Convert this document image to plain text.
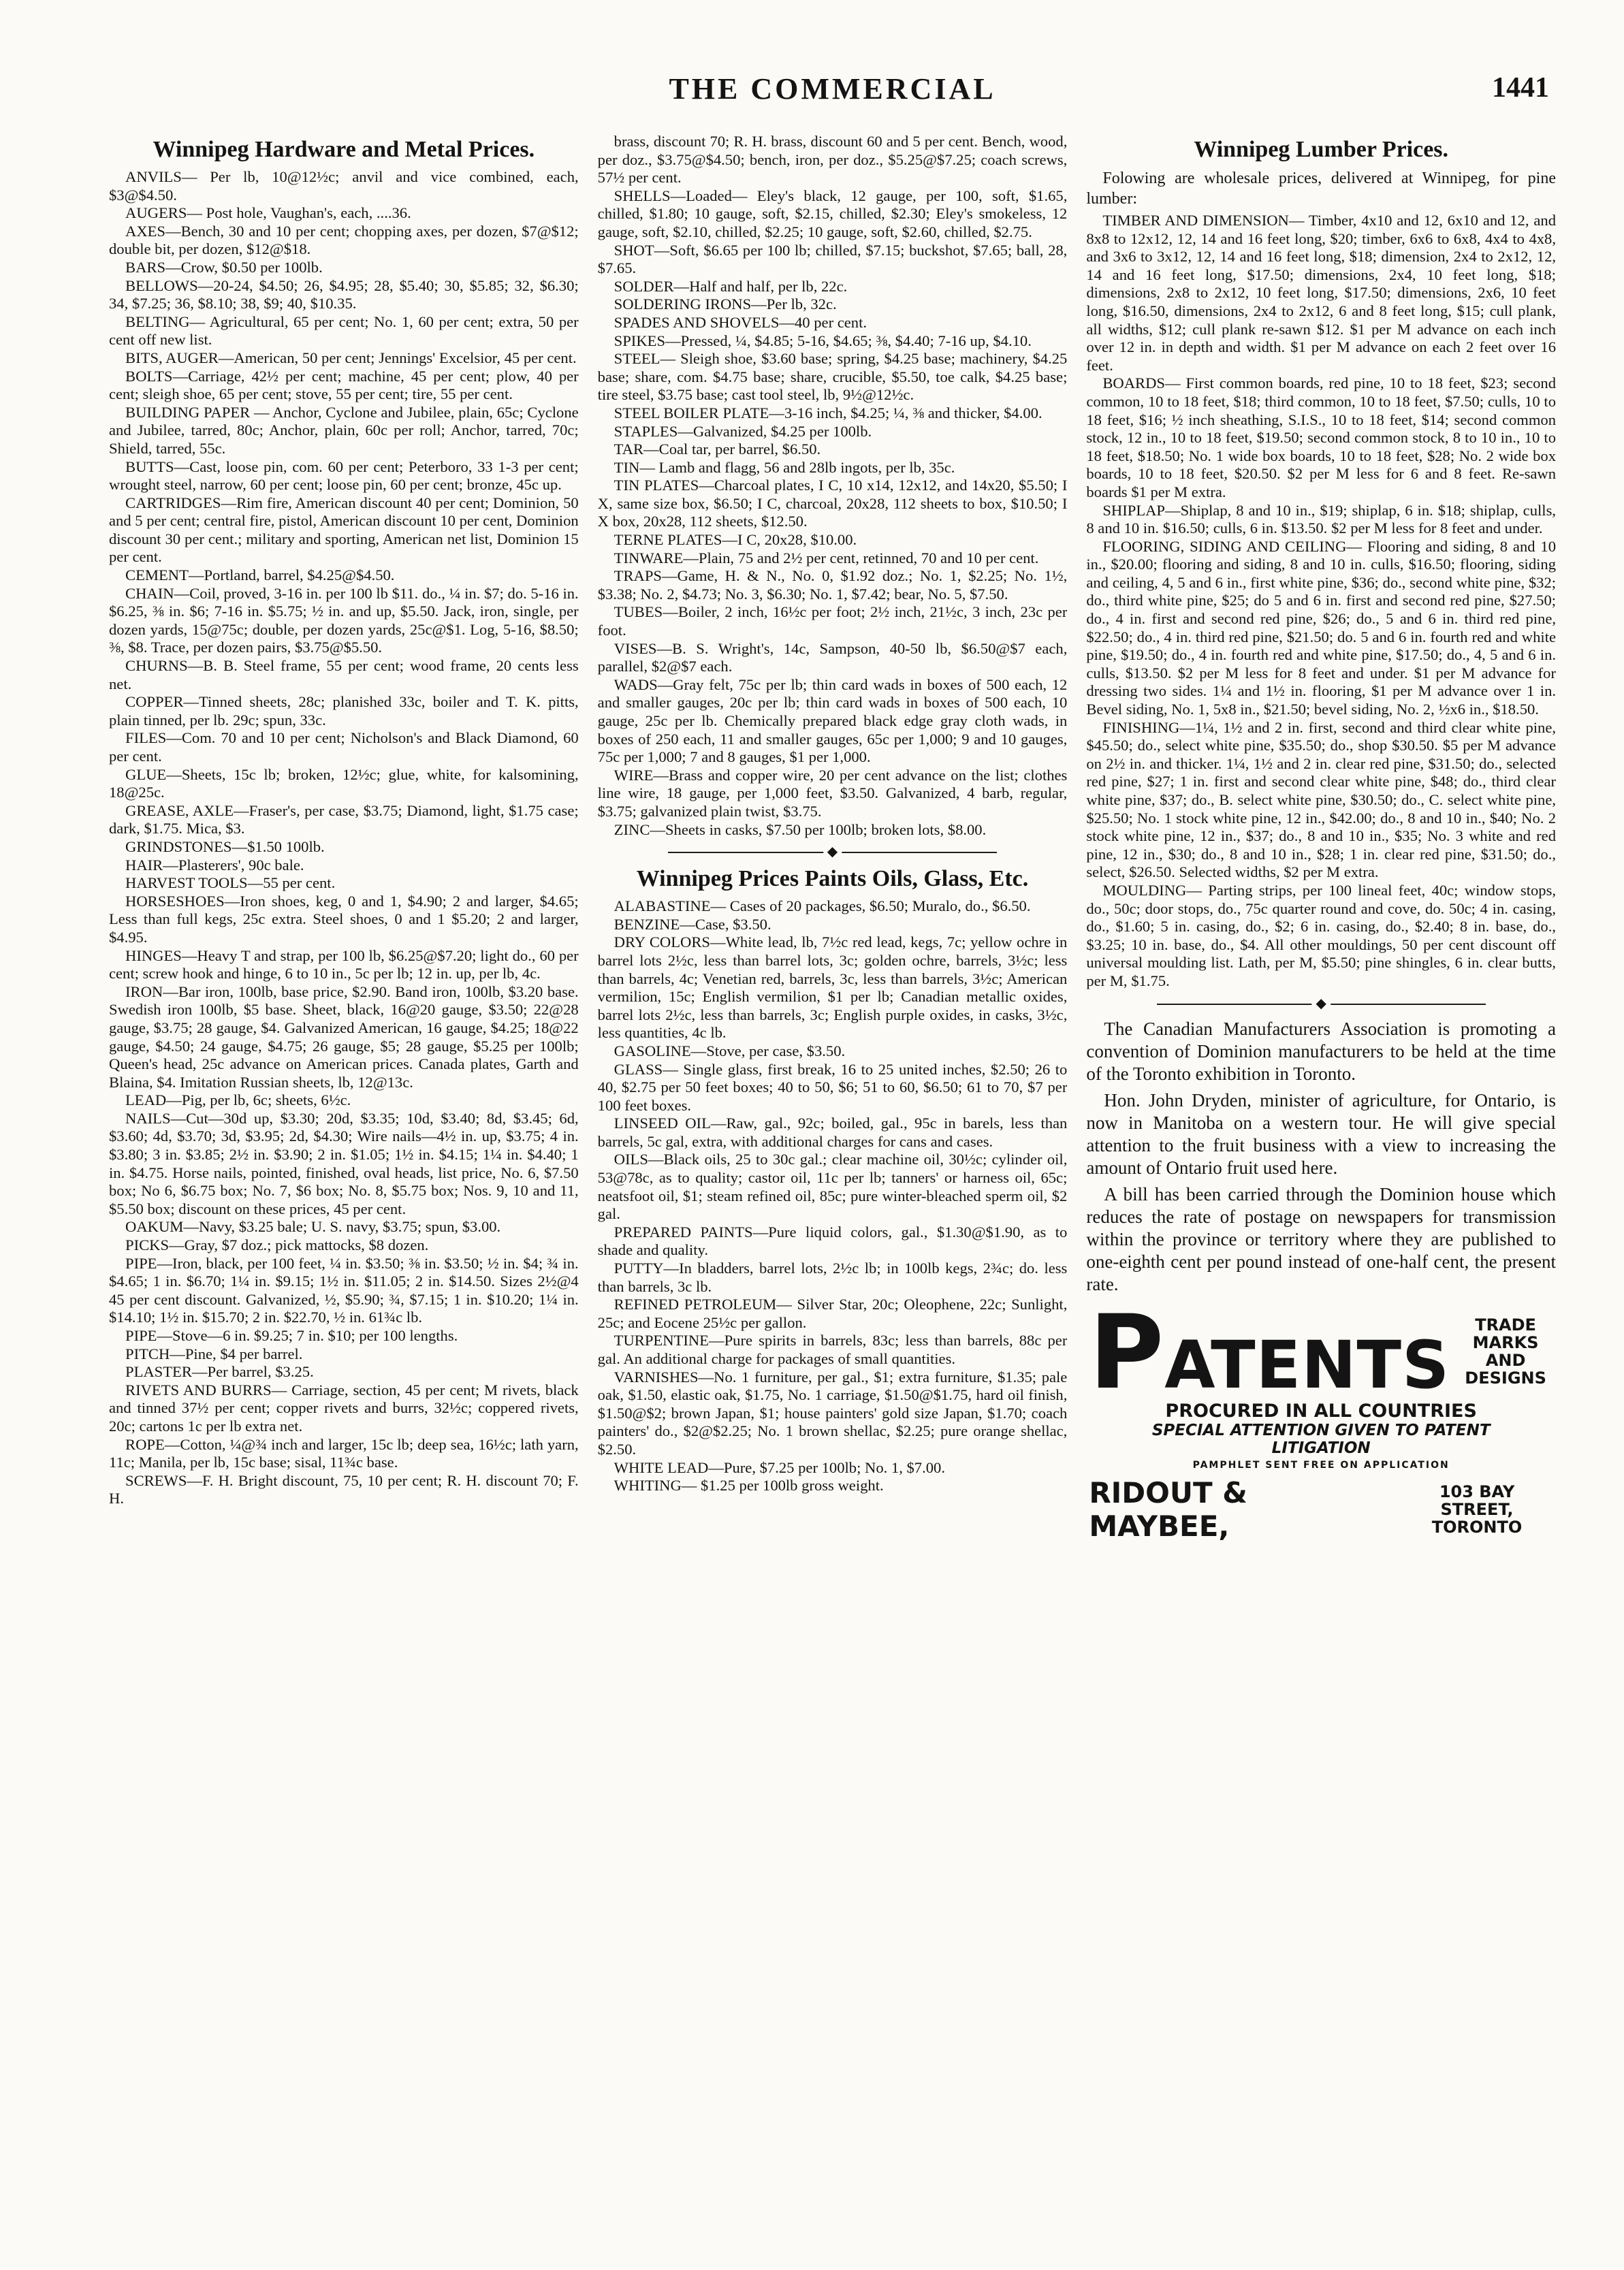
THE COMMERCIAL	1441
Winnipeg Hardware and Metal Prices.

ANVILS— Per lb, 10@12½c; anvil and vice combined, each, $3@$4.50.

AUGERS— Post hole, Vaughan's, each, ....36.

AXES—Bench, 30 and 10 per cent; chopping axes, per dozen, $7@$12; double bit, per dozen, $12@$18.

BARS—Crow, $0.50 per 100lb.

BELLOWS—20-24, $4.50; 26, $4.95; 28, $5.40; 30, $5.85; 32, $6.30; 34, $7.25; 36, $8.10; 38, $9; 40, $10.35.

BELTING— Agricultural, 65 per cent; No. 1, 60 per cent; extra, 50 per cent off new list.

BITS, AUGER—American, 50 per cent; Jennings' Excelsior, 45 per cent.

BOLTS—Carriage, 42½ per cent; machine, 45 per cent; plow, 40 per cent; sleigh shoe, 65 per cent; stove, 55 per cent; tire, 55 per cent.

BUILDING PAPER — Anchor, Cyclone and Jubilee, plain, 65c; Cyclone and Jubilee, tarred, 80c; Anchor, plain, 60c per roll; Anchor, tarred, 70c; Shield, tarred, 55c.

BUTTS—Cast, loose pin, com. 60 per cent; Peterboro, 33 1-3 per cent; wrought steel, narrow, 60 per cent; loose pin, 60 per cent; bronze, 45c up.

CARTRIDGES—Rim fire, American discount 40 per cent; Dominion, 50 and 5 per cent; central fire, pistol, American discount 10 per cent, Dominion discount 30 per cent.; military and sporting, American net list, Dominion 15 per cent.

CEMENT—Portland, barrel, $4.25@$4.50.

CHAIN—Coil, proved, 3-16 in. per 100 lb $11. do., ¼ in. $7; do. 5-16 in. $6.25, ⅜ in. $6; 7-16 in. $5.75; ½ in. and up, $5.50. Jack, iron, single, per dozen yards, 15@75c; double, per dozen yards, 25c@$1. Log, 5-16, $8.50; ⅜, $8. Trace, per dozen pairs, $3.75@$5.50.

CHURNS—B. B. Steel frame, 55 per cent; wood frame, 20 cents less net.

COPPER—Tinned sheets, 28c; planished 33c, boiler and T. K. pitts, plain tinned, per lb. 29c; spun, 33c.

FILES—Com. 70 and 10 per cent; Nicholson's and Black Diamond, 60 per cent.

GLUE—Sheets, 15c lb; broken, 12½c; glue, white, for kalsomining, 18@25c.

GREASE, AXLE—Fraser's, per case, $3.75; Diamond, light, $1.75 case; dark, $1.75. Mica, $3.

GRINDSTONES—$1.50 100lb.

HAIR—Plasterers', 90c bale.

HARVEST TOOLS—55 per cent.

HORSESHOES—Iron shoes, keg, 0 and 1, $4.90; 2 and larger, $4.65; Less than full kegs, 25c extra. Steel shoes, 0 and 1 $5.20; 2 and larger, $4.95.

HINGES—Heavy T and strap, per 100 lb, $6.25@$7.20; light do., 60 per cent; screw hook and hinge, 6 to 10 in., 5c per lb; 12 in. up, per lb, 4c.

IRON—Bar iron, 100lb, base price, $2.90. Band iron, 100lb, $3.20 base. Swedish iron 100lb, $5 base. Sheet, black, 16@20 gauge, $3.50; 22@28 gauge, $3.75; 28 gauge, $4. Galvanized American, 16 gauge, $4.25; 18@22 gauge, $4.50; 24 gauge, $4.75; 26 gauge, $5; 28 gauge, $5.25 per 100lb; Queen's head, 25c advance on American prices. Canada plates, Garth and Blaina, $4. Imitation Russian sheets, lb, 12@13c.

LEAD—Pig, per lb, 6c; sheets, 6½c.

NAILS—Cut—30d up, $3.30; 20d, $3.35; 10d, $3.40; 8d, $3.45; 6d, $3.60; 4d, $3.70; 3d, $3.95; 2d, $4.30; Wire nails—4½ in. up, $3.75; 4 in. $3.80; 3 in. $3.85; 2½ in. $3.90; 2 in. $1.05; 1½ in. $4.15; 1¼ in. $4.40; 1 in. $4.75. Horse nails, pointed, finished, oval heads, list price, No. 6, $7.50 box; No 6, $6.75 box; No. 7, $6 box; No. 8, $5.75 box; Nos. 9, 10 and 11, $5.50 box; discount on these prices, 45 per cent.

OAKUM—Navy, $3.25 bale; U. S. navy, $3.75; spun, $3.00.

PICKS—Gray, $7 doz.; pick mattocks, $8 dozen.

PIPE—Iron, black, per 100 feet, ¼ in. $3.50; ⅜ in. $3.50; ½ in. $4; ¾ in. $4.65; 1 in. $6.70; 1¼ in. $9.15; 1½ in. $11.05; 2 in. $14.50. Sizes 2½@4 45 per cent discount. Galvanized, ½, $5.90; ¾, $7.15; 1 in. $10.20; 1¼ in. $14.10; 1½ in. $15.70; 2 in. $22.70, ½ in. 61¾c lb.

PIPE—Stove—6 in. $9.25; 7 in. $10; per 100 lengths.

PITCH—Pine, $4 per barrel.

PLASTER—Per barrel, $3.25.

RIVETS AND BURRS— Carriage, section, 45 per cent; M rivets, black and tinned 37½ per cent; copper rivets and burrs, 32½c; coppered rivets, 20c; cartons 1c per lb extra net.

ROPE—Cotton, ¼@¾ inch and larger, 15c lb; deep sea, 16½c; lath yarn, 11c; Manila, per lb, 15c base; sisal, 11¾c base.

SCREWS—F. H. Bright discount, 75, 10 per cent; R. H. discount 70; F. H.

brass, discount 70; R. H. brass, discount 60 and 5 per cent. Bench, wood, per doz., $3.75@$4.50; bench, iron, per doz., $5.25@$7.25; coach screws, 57½ per cent.

SHELLS—Loaded— Eley's black, 12 gauge, per 100, soft, $1.65, chilled, $1.80; 10 gauge, soft, $2.15, chilled, $2.30; Eley's smokeless, 12 gauge, soft, $2.10, chilled, $2.25; 10 gauge, soft, $2.60, chilled, $2.75.

SHOT—Soft, $6.65 per 100 lb; chilled, $7.15; buckshot, $7.65; ball, 28, $7.65.

SOLDER—Half and half, per lb, 22c.

SOLDERING IRONS—Per lb, 32c.

SPADES AND SHOVELS—40 per cent.

SPIKES—Pressed, ¼, $4.85; 5-16, $4.65; ⅜, $4.40; 7-16 up, $4.10.

STEEL— Sleigh shoe, $3.60 base; spring, $4.25 base; machinery, $4.25 base; share, com. $4.75 base; share, crucible, $5.50, toe calk, $4.25 base; tire steel, $3.75 base; cast tool steel, lb, 9½@12½c.

STEEL BOILER PLATE—3-16 inch, $4.25; ¼, ⅜ and thicker, $4.00.

STAPLES—Galvanized, $4.25 per 100lb.

TAR—Coal tar, per barrel, $6.50.

TIN— Lamb and flagg, 56 and 28lb ingots, per lb, 35c.

TIN PLATES—Charcoal plates, I C, 10 x14, 12x12, and 14x20, $5.50; I X, same size box, $6.50; I C, charcoal, 20x28, 112 sheets to box, $10.50; I X box, 20x28, 112 sheets, $12.50.

TERNE PLATES—I C, 20x28, $10.00.

TINWARE—Plain, 75 and 2½ per cent, retinned, 70 and 10 per cent.

TRAPS—Game, H. & N., No. 0, $1.92 doz.; No. 1, $2.25; No. 1½, $3.38; No. 2, $4.73; No. 3, $6.30; No. 1, $7.42; bear, No. 5, $7.50.

TUBES—Boiler, 2 inch, 16½c per foot; 2½ inch, 21½c, 3 inch, 23c per foot.

VISES—B. S. Wright's, 14c, Sampson, 40-50 lb, $6.50@$7 each, parallel, $2@$7 each.

WADS—Gray felt, 75c per lb; thin card wads in boxes of 500 each, 12 and smaller gauges, 20c per lb; thin card wads in boxes of 500 each, 10 gauge, 25c per lb. Chemically prepared black edge gray cloth wads, in boxes of 250 each, 11 and smaller gauges, 65c per 1,000; 9 and 10 gauges, 75c per 1,000; 7 and 8 gauges, $1 per 1,000.

WIRE—Brass and copper wire, 20 per cent advance on the list; clothes line wire, 18 gauge, per 1,000 feet, $3.50. Galvanized, 4 barb, regular, $3.75; galvanized plain twist, $3.75.

ZINC—Sheets in casks, $7.50 per 100lb; broken lots, $8.00.

◆
Winnipeg Prices Paints Oils, Glass, Etc.

ALABASTINE— Cases of 20 packages, $6.50; Muralo, do., $6.50.

BENZINE—Case, $3.50.

DRY COLORS—White lead, lb, 7½c red lead, kegs, 7c; yellow ochre in barrel lots 2½c, less than barrel lots, 3c; golden ochre, barrels, 3½c; less than barrels, 4c; Venetian red, barrels, 3c, less than barrels, 3½c; American vermilion, 15c; English vermilion, $1 per lb; Canadian metallic oxides, barrel lots 2½c, less than barrels, 3c; English purple oxides, in casks, 3½c, less quantities, 4c lb.

GASOLINE—Stove, per case, $3.50.

GLASS— Single glass, first break, 16 to 25 united inches, $2.50; 26 to 40, $2.75 per 50 feet boxes; 40 to 50, $6; 51 to 60, $6.50; 61 to 70, $7 per 100 feet boxes.

LINSEED OIL—Raw, gal., 92c; boiled, gal., 95c in barels, less than barrels, 5c gal, extra, with additional charges for cans and cases.

OILS—Black oils, 25 to 30c gal.; clear machine oil, 30½c; cylinder oil, 53@78c, as to quality; castor oil, 11c per lb; tanners' or harness oil, 65c; neatsfoot oil, $1; steam refined oil, 85c; pure winter-bleached sperm oil, $2 gal.

PREPARED PAINTS—Pure liquid colors, gal., $1.30@$1.90, as to shade and quality.

PUTTY—In bladders, barrel lots, 2½c lb; in 100lb kegs, 2¾c; do. less than barrels, 3c lb.

REFINED PETROLEUM— Silver Star, 20c; Oleophene, 22c; Sunlight, 25c; and Eocene 25½c per gallon.

TURPENTINE—Pure spirits in barrels, 83c; less than barrels, 88c per gal. An additional charge for packages of small quantities.

VARNISHES—No. 1 furniture, per gal., $1; extra furniture, $1.35; pale oak, $1.50, elastic oak, $1.75, No. 1 carriage, $1.50@$1.75, hard oil finish, $1.50@$2; brown Japan, $1; house painters' gold size Japan, $1.70; coach painters' do., $2@$2.25; No. 1 brown shellac, $2.25; pure orange shellac, $2.50.

WHITE LEAD—Pure, $7.25 per 100lb; No. 1, $7.00.

WHITING— $1.25 per 100lb gross weight.

Winnipeg Lumber Prices.

Folowing are wholesale prices, delivered at Winnipeg, for pine lumber:

TIMBER AND DIMENSION— Timber, 4x10 and 12, 6x10 and 12, and 8x8 to 12x12, 12, 14 and 16 feet long, $20; timber, 6x6 to 6x8, 4x4 to 4x8, and 3x6 to 3x12, 12, 14 and 16 feet long, $18; dimension, 2x4 to 2x12, 12, 14 and 16 feet long, $17.50; dimensions, 2x4, 10 feet long, $18; dimensions, 2x8 to 2x12, 10 feet long, $17.50; dimensions, 2x6, 10 feet long, $16.50, dimensions, 2x4 to 2x12, 6 and 8 feet long, $15; cull plank, all widths, $12; cull plank re-sawn $12. $1 per M advance on each inch over 12 in. in depth and width. $1 per M advance on each 2 feet over 16 feet.

BOARDS— First common boards, red pine, 10 to 18 feet, $23; second common, 10 to 18 feet, $18; third common, 10 to 18 feet, $7.50; culls, 10 to 18 feet, $16; ½ inch sheathing, S.I.S., 10 to 18 feet, $14; second common stock, 12 in., 10 to 18 feet, $19.50; second common stock, 8 to 10 in., 10 to 18 feet, $18.50; No. 1 wide box boards, 10 to 18 feet, $28; No. 2 wide box boards, 10 to 18 feet, $20.50. $2 per M less for 6 and 8 feet. Re-sawn boards $1 per M extra.

SHIPLAP—Shiplap, 8 and 10 in., $19; shiplap, 6 in. $18; shiplap, culls, 8 and 10 in. $16.50; culls, 6 in. $13.50. $2 per M less for 8 feet and under.

FLOORING, SIDING AND CEILING— Flooring and siding, 8 and 10 in., $20.00; flooring and siding, 8 and 10 in. culls, $16.50; flooring, siding and ceiling, 4, 5 and 6 in., first white pine, $36; do., second white pine, $32; do., third white pine, $25; do 5 and 6 in. first and second red pine, $27.50; do., 4 in. first and second red pine, $26; do., 5 and 6 in. third red pine, $22.50; do., 4 in. third red pine, $21.50; do. 5 and 6 in. fourth red and white pine, $19.50; do., 4 in. fourth red and white pine, $17.50; do., 4, 5 and 6 in. culls, $13.50. $2 per M less for 8 feet and under. $1 per M advance for dressing two sides. 1¼ and 1½ in. flooring, $1 per M advance over 1 in. Bevel siding, No. 1, 5x8 in., $21.50; bevel siding, No. 2, ½x6 in., $18.50.

FINISHING—1¼, 1½ and 2 in. first, second and third clear white pine, $45.50; do., select white pine, $35.50; do., shop $30.50. $5 per M advance on 2½ in. and thicker. 1¼, 1½ and 2 in. clear red pine, $31.50; do., selected red pine, $27; 1 in. first and second clear white pine, $48; do., third clear white pine, $37; do., B. select white pine, $30.50; do., C. select white pine, $25.50; No. 1 stock white pine, 12 in., $42.00; do., 8 and 10 in., $40; No. 2 stock white pine, 12 in., $37; do., 8 and 10 in., $35; No. 3 white and red pine, 12 in., $30; do., 8 and 10 in., $28; 1 in. clear red pine, $31.50; do., select, $26.50. Selected widths, $2 per M extra.

MOULDING— Parting strips, per 100 lineal feet, 40c; window stops, do., 50c; door stops, do., 75c quarter round and cove, do. 50c; 4 in. casing, do., $1.60; 5 in. casing, do., $2; 6 in. casing, do., $2.40; 8 in. base, do., $3.25; 10 in. base, do., $4. All other mouldings, 50 per cent discount off universal moulding list. Lath, per M, $5.50; pine shingles, 6 in. clear butts, per M, $1.75.

◆

The Canadian Manufacturers Association is promoting a convention of Dominion manufacturers to be held at the time of the Toronto exhibition in Toronto.

Hon. John Dryden, minister of agriculture, for Ontario, is now in Manitoba on a western tour. He will give special attention to the fruit business with a view to increasing the amount of Ontario fruit used here.

A bill has been carried through the Dominion house which reduces the rate of postage on newspapers for transmission within the province or territory where they are published to one-eighth cent per pound instead of one-half cent, the present rate.

PATENTS
TRADE MARKS
AND
DESIGNS
PROCURED IN ALL COUNTRIES
SPECIAL ATTENTION GIVEN TO PATENT
LITIGATION
PAMPHLET SENT FREE ON APPLICATION
RIDOUT & MAYBEE,
103 BAY STREET,
TORONTO
